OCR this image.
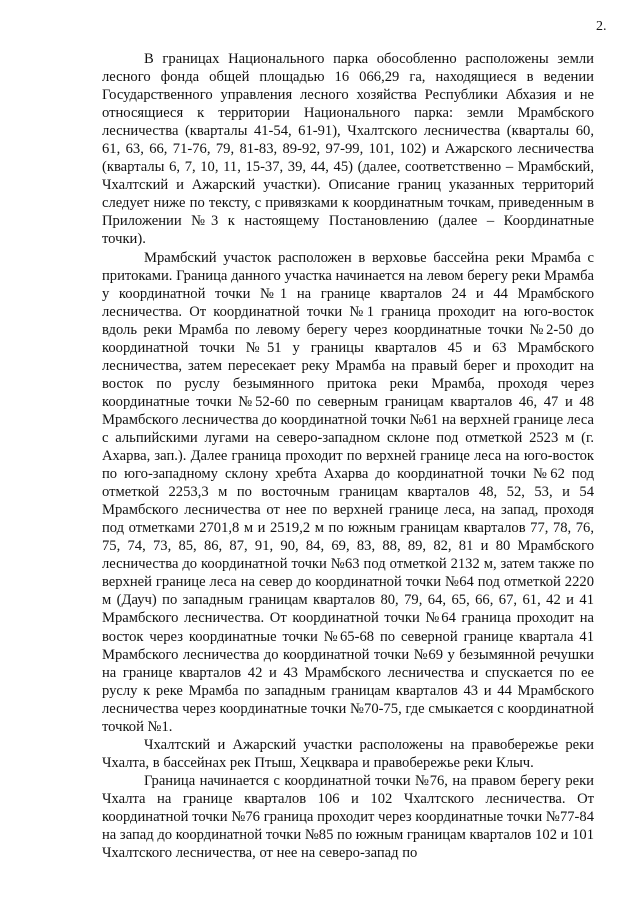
2.

В границах Национального парка обособленно расположены земли лесного фонда общей площадью 16 066,29 га, находящиеся в ведении Государственного управления лесного хозяйства Республики Абхазия и не относящиеся к территории Национального парка: земли Мрамбского лесничества (кварталы 41-54, 61-91), Чхалтского лесничества (кварталы 60, 61, 63, 66, 71-76, 79, 81-83, 89-92, 97-99, 101, 102) и Ажарского лесничества (кварталы 6, 7, 10, 11, 15-37, 39, 44, 45) (далее, соответственно – Мрамбский, Чхалтский и Ажарский участки). Описание границ указанных территорий следует ниже по тексту, с привязками к координатным точкам, приведенным в Приложении №3 к настоящему Постановлению (далее – Координатные точки).

Мрамбский участок расположен в верховье бассейна реки Мрамба с притоками. Граница данного участка начинается на левом берегу реки Мрамба у координатной точки №1 на границе кварталов 24 и 44 Мрамбского лесничества. От координатной точки №1 граница проходит на юго-восток вдоль реки Мрамба по левому берегу через координатные точки №2-50 до координатной точки №51 у границы кварталов 45 и 63 Мрамбского лесничества, затем пересекает реку Мрамба на правый берег и проходит на восток по руслу безымянного притока реки Мрамба, проходя через координатные точки №52-60 по северным границам кварталов 46, 47 и 48 Мрамбского лесничества до координатной точки №61 на верхней границе леса с альпийскими лугами на северо-западном склоне под отметкой 2523 м (г. Ахарва, зап.). Далее граница проходит по верхней границе леса на юго-восток по юго-западному склону хребта Ахарва до координатной точки №62 под отметкой 2253,3 м по восточным границам кварталов 48, 52, 53, и 54 Мрамбского лесничества от нее по верхней границе леса, на запад, проходя под отметками 2701,8 м и 2519,2 м по южным границам кварталов 77, 78, 76, 75, 74, 73, 85, 86, 87, 91, 90, 84, 69, 83, 88, 89, 82, 81 и 80 Мрамбского лесничества до координатной точки №63 под отметкой 2132 м, затем также по верхней границе леса на север до координатной точки №64 под отметкой 2220 м (Дауч) по западным границам кварталов 80, 79, 64, 65, 66, 67, 61, 42 и 41 Мрамбского лесничества. От координатной точки №64 граница проходит на восток через координатные точки №65-68 по северной границе квартала 41 Мрамбского лесничества до координатной точки №69 у безымянной речушки на границе кварталов 42 и 43 Мрамбского лесничества и спускается по ее руслу к реке Мрамба по западным границам кварталов 43 и 44 Мрамбского лесничества через координатные точки №70-75, где смыкается с координатной точкой №1.

Чхалтский и Ажарский участки расположены на правобережье реки Чхалта, в бассейнах рек Птыш, Хецквара и правобережье реки Клыч.

Граница начинается с координатной точки №76, на правом берегу реки Чхалта на границе кварталов 106 и 102 Чхалтского лесничества. От координатной точки №76 граница проходит через координатные точки №77-84 на запад до координатной точки №85 по южным границам кварталов 102 и 101 Чхалтского лесничества, от нее на северо-запад по
